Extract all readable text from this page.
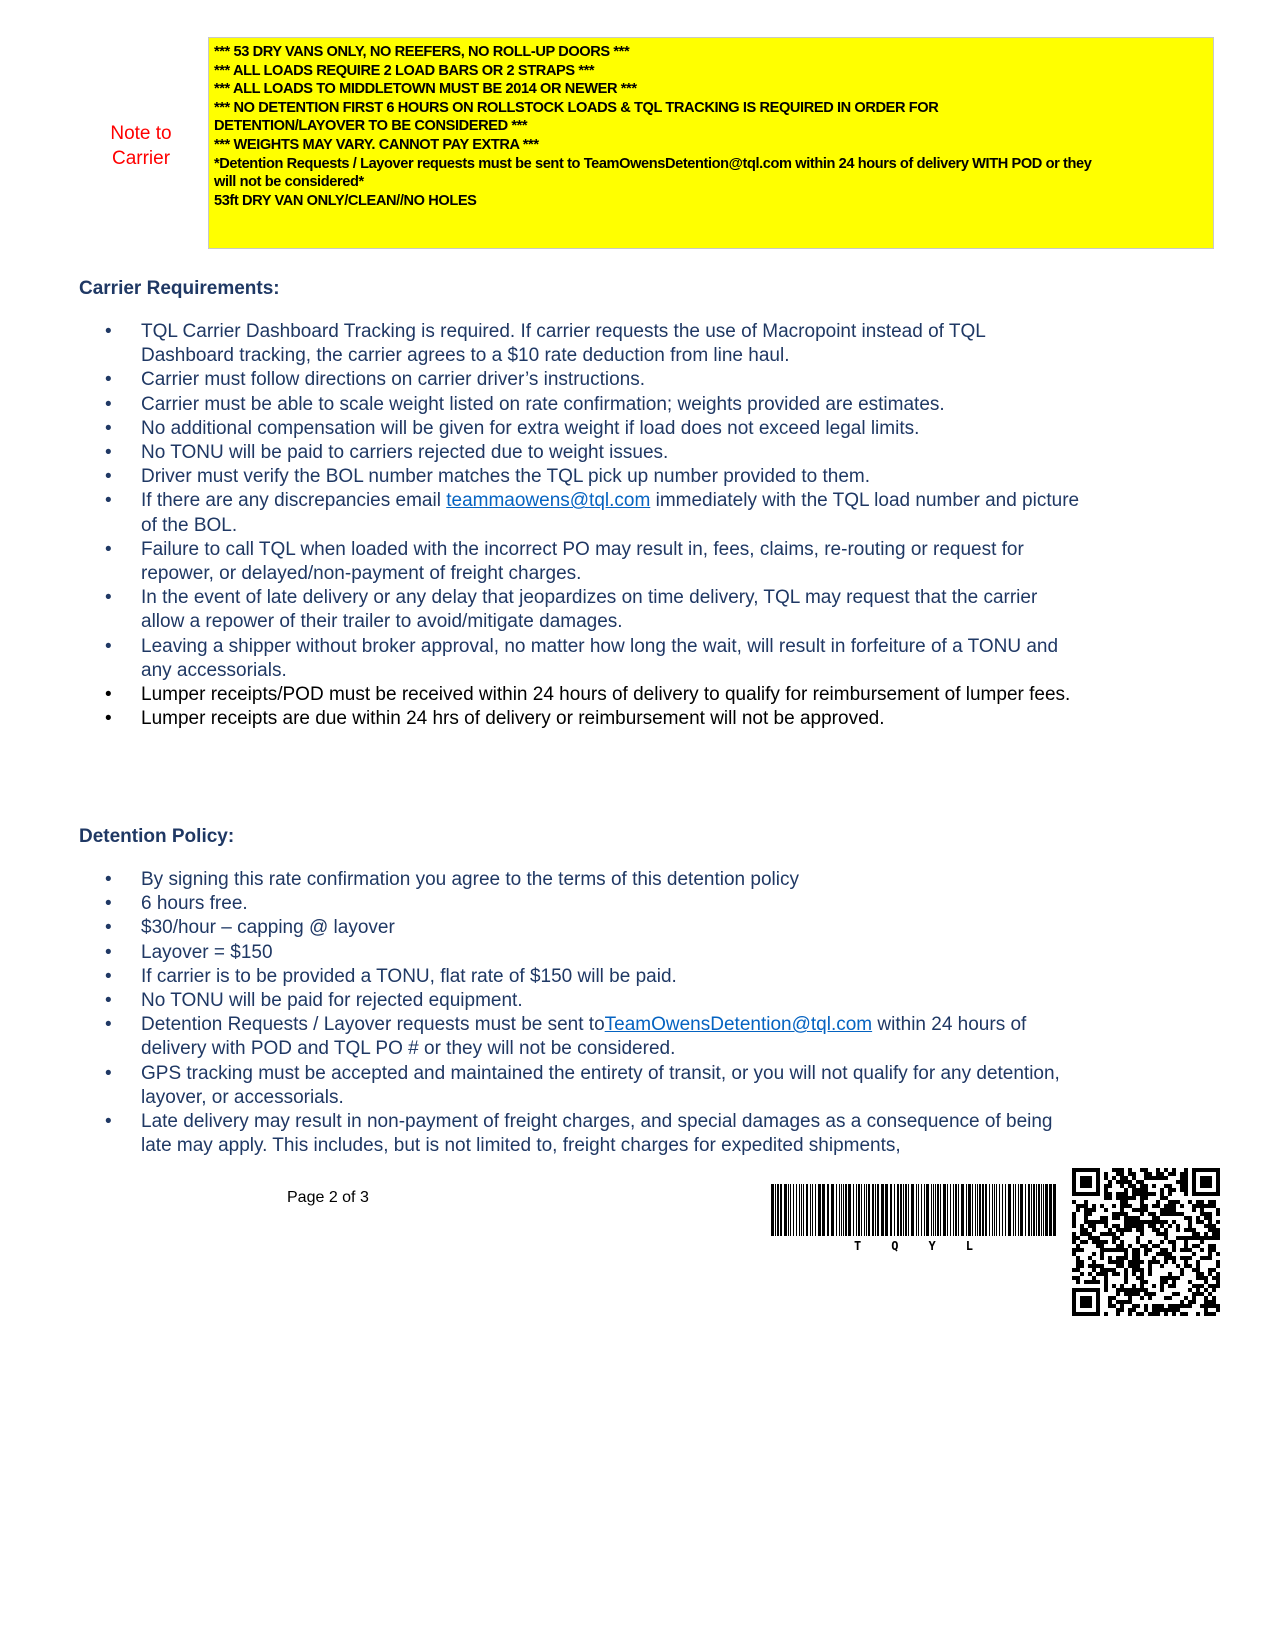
Note to
Carrier
*** 53 DRY VANS ONLY, NO REEFERS, NO ROLL-UP DOORS ***
*** ALL LOADS REQUIRE 2 LOAD BARS OR 2 STRAPS ***
*** ALL LOADS TO MIDDLETOWN MUST BE 2014 OR NEWER ***
*** NO DETENTION FIRST 6 HOURS ON ROLLSTOCK LOADS & TQL TRACKING IS REQUIRED IN ORDER FOR
DETENTION/LAYOVER TO BE CONSIDERED ***
*** WEIGHTS MAY VARY. CANNOT PAY EXTRA ***
*Detention Requests / Layover requests must be sent to TeamOwensDetention@tql.com within 24 hours of delivery WITH POD or they
will not be considered*
53ft DRY VAN ONLY/CLEAN//NO HOLES
Carrier Requirements:
• TQL Carrier Dashboard Tracking is required. If carrier requests the use of Macropoint instead of TQL Dashboard tracking, the carrier agrees to a $10 rate deduction from line haul.
• Carrier must follow directions on carrier driver’s instructions.
• Carrier must be able to scale weight listed on rate confirmation; weights provided are estimates.
• No additional compensation will be given for extra weight if load does not exceed legal limits.
• No TONU will be paid to carriers rejected due to weight issues.
• Driver must verify the BOL number matches the TQL pick up number provided to them.
• If there are any discrepancies email teammaowens@tql.com immediately with the TQL load number and picture of the BOL.
• Failure to call TQL when loaded with the incorrect PO may result in, fees, claims, re-routing or request for repower, or delayed/non-payment of freight charges.
• In the event of late delivery or any delay that jeopardizes on time delivery, TQL may request that the carrier allow a repower of their trailer to avoid/mitigate damages.
• Leaving a shipper without broker approval, no matter how long the wait, will result in forfeiture of a TONU and any accessorials.
• Lumper receipts/POD must be received within 24 hours of delivery to qualify for reimbursement of lumper fees.
• Lumper receipts are due within 24 hrs of delivery or reimbursement will not be approved.
Detention Policy:
• By signing this rate confirmation you agree to the terms of this detention policy
• 6 hours free.
• $30/hour – capping @ layover
• Layover = $150
• If carrier is to be provided a TONU, flat rate of $150 will be paid.
• No TONU will be paid for rejected equipment.
• Detention Requests / Layover requests must be sent toTeamOwensDetention@tql.com within 24 hours of delivery with POD and TQL PO # or they will not be considered.
• GPS tracking must be accepted and maintained the entirety of transit, or you will not qualify for any detention, layover, or accessorials.
• Late delivery may result in non-payment of freight charges, and special damages as a consequence of being late may apply. This includes, but is not limited to, freight charges for expedited shipments,
Page 2 of 3
T	Q	Y	L
